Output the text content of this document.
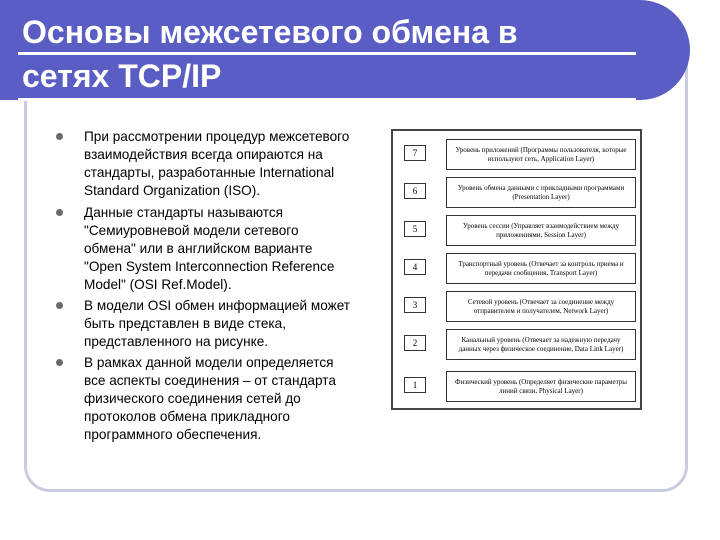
Основы межсетевого обмена в
сетях TCP/IP
При рассмотрении процедур межсетевого взаимодействия всегда опираются на стандарты, разработанные International Standard Organization (ISO).
Данные стандарты называются "Семиуровневой модели сетевого обмена" или в английском варианте "Open System Interconnection Reference Model" (OSI Ref.Model).
В модели OSI обмен информацией может быть представлен в виде стека, представленного на рисунке.
В рамках данной модели определяется все аспекты соединения – от стандарта физического соединения сетей до протоколов обмена прикладного программного обеспечения.
7	Уровень приложений (Программы пользователя, которые используют сеть, Application Layer)
6	Уровень обмена данными с прикладными программами (Presentation Layer)
5	Уровень сессии (Управляет взаимодействием между приложениями, Session Layer)
4	Транспортный уровень (Отвечает за контроль приема и передачи сообщения, Transport Layer)
3	Сетевой уровень (Отвечает за соединение между отправителем и получателем, Network Layer)
2	Канальный уровень (Отвечает за надежную передачу данных через физическое соединение, Data Link Layer)
1	Физический уровень (Определяет физические параметры линий связи, Physical Layer)
